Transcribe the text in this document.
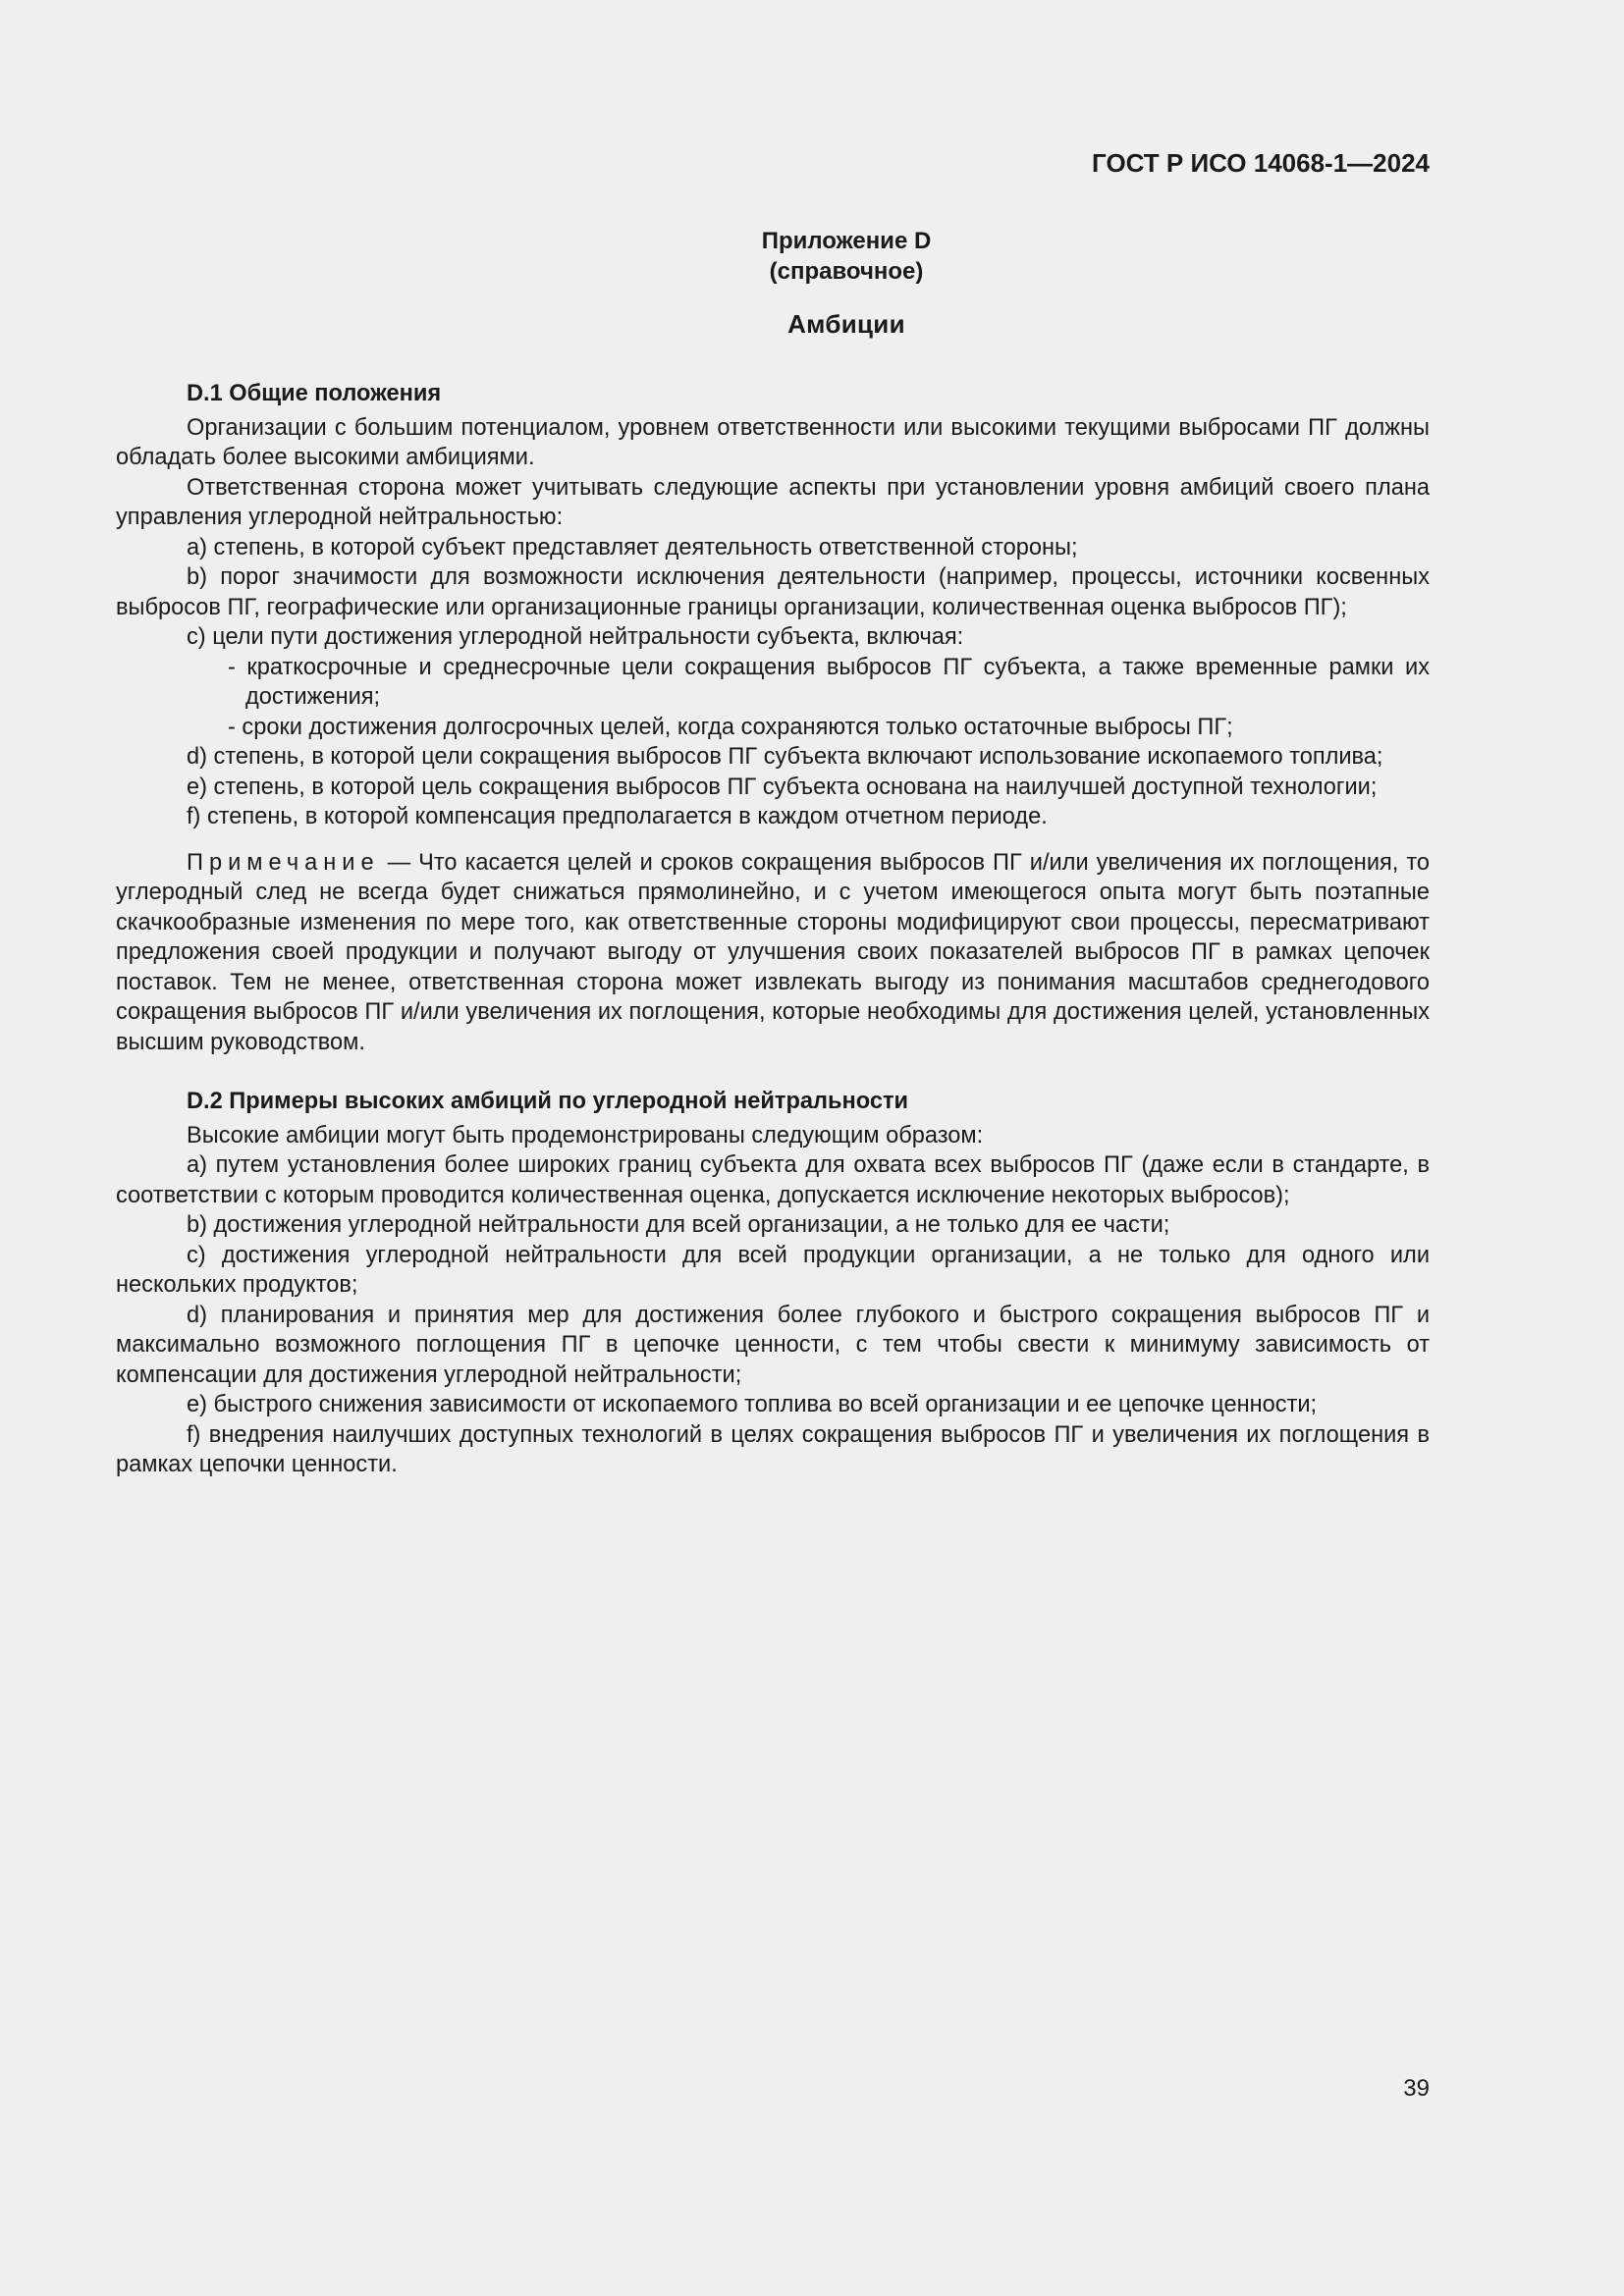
ГОСТ Р ИСО 14068-1—2024
Приложение D
(справочное)
Амбиции
D.1 Общие положения

Организации с большим потенциалом, уровнем ответственности или высокими текущими выбросами ПГ должны обладать более высокими амбициями.

Ответственная сторона может учитывать следующие аспекты при установлении уровня амбиций своего плана управления углеродной нейтральностью:

a) степень, в которой субъект представляет деятельность ответственной стороны;

b) порог значимости для возможности исключения деятельности (например, процессы, источники косвенных выбросов ПГ, географические или организационные границы организации, количественная оценка выбросов ПГ);

c) цели пути достижения углеродной нейтральности субъекта, включая:

- краткосрочные и среднесрочные цели сокращения выбросов ПГ субъекта, а также временные рамки их достижения;

- сроки достижения долгосрочных целей, когда сохраняются только остаточные выбросы ПГ;

d) степень, в которой цели сокращения выбросов ПГ субъекта включают использование ископаемого топлива;

e) степень, в которой цель сокращения выбросов ПГ субъекта основана на наилучшей доступной технологии;

f) степень, в которой компенсация предполагается в каждом отчетном периоде.

Примечание — Что касается целей и сроков сокращения выбросов ПГ и/или увеличения их поглощения, то углеродный след не всегда будет снижаться прямолинейно, и с учетом имеющегося опыта могут быть поэтапные скачкообразные изменения по мере того, как ответственные стороны модифицируют свои процессы, пересматривают предложения своей продукции и получают выгоду от улучшения своих показателей выбросов ПГ в рамках цепочек поставок. Тем не менее, ответственная сторона может извлекать выгоду из понимания масштабов среднегодового сокращения выбросов ПГ и/или увеличения их поглощения, которые необходимы для достижения целей, установленных высшим руководством.

D.2 Примеры высоких амбиций по углеродной нейтральности

Высокие амбиции могут быть продемонстрированы следующим образом:

a) путем установления более широких границ субъекта для охвата всех выбросов ПГ (даже если в стандарте, в соответствии с которым проводится количественная оценка, допускается исключение некоторых выбросов);

b) достижения углеродной нейтральности для всей организации, а не только для ее части;

c) достижения углеродной нейтральности для всей продукции организации, а не только для одного или нескольких продуктов;

d) планирования и принятия мер для достижения более глубокого и быстрого сокращения выбросов ПГ и максимально возможного поглощения ПГ в цепочке ценности, с тем чтобы свести к минимуму зависимость от компенсации для достижения углеродной нейтральности;

e) быстрого снижения зависимости от ископаемого топлива во всей организации и ее цепочке ценности;

f) внедрения наилучших доступных технологий в целях сокращения выбросов ПГ и увеличения их поглощения в рамках цепочки ценности.

39
